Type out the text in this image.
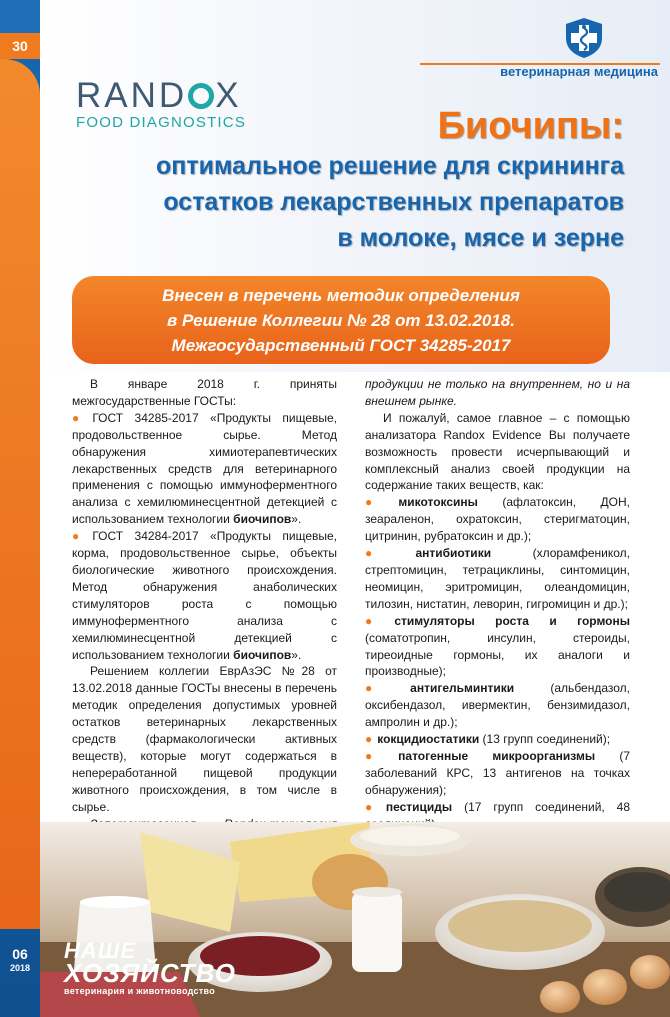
30
06
2018
ветеринарная медицина
RAND X
FOOD DIAGNOSTICS	Биочипы:
оптимальное решение для скрининга
остатков лекарственных препаратов
в молоке, мясе и зерне
Внесен в перечень методик определения
в Решение Коллегии № 28 от 13.02.2018.
Межгосударственный ГОСТ 34285-2017

В январе 2018 г. приняты межгосударственные ГОСТы:

● ГОСТ 34285-2017 «Продукты пищевые, продовольственное сырье. Метод обнаружения химиотерапевтических лекарственных средств для ветеринарного применения с помощью иммуноферментного анализа с хемилюминесцентной детекцией с использованием технологии биочипов».
● ГОСТ 34284-2017 «Продукты пищевые, корма, продовольственное сырье, объекты биологические животного происхождения. Метод обнаружения анаболических стимуляторов роста с помощью иммуноферментного анализа с хемилюминесцентной детекцией с использованием технологии биочипов».

Решением коллегии ЕврАзЭС №28 от 13.02.2018 данные ГОСТы внесены в перечень методик определения допустимых уровней остатков ветеринарных лекарственных средств (фармакологически активных веществ), которые могут содержаться в непереработанной пищевой продукции животного происхождения, в том числе в сырье.

продукции не только на внутреннем, но и на внешнем рынке.

И пожалуй, самое главное – с помощью анализатора Randox Evidence Вы получаете возможность провести исчерпывающий и комплексный анализ своей продукции на содержание таких веществ, как:

● микотоксины (афлатоксин, ДОН, зеараленон, охратоксин, стеригматоцин, цитринин, рубратоксин и др.);
● антибиотики (хлорамфеникол, стрептомицин, тетрациклины, синтомицин, неомицин, эритромицин, олеандомицин, тилозин, нистатин, леворин, гигромицин и др.);
● стимуляторы роста и гормоны (соматотропин, инсулин, стероиды, тиреоидные гормоны, их аналоги и производные);
● антигельминтики (альбендазол, оксибендазол, ивермектин, бензимидазол, ампролин и др.);
● кокцидиостатики (13 групп соединений);
● патогенные микроорганизмы (7 заболеваний КРС, 13 антигенов на точках обнаружения);
● пестициды (17 групп соединений, 48

НАШЕ
ХОЗЯЙСТВО
ветеринария и животноводство
